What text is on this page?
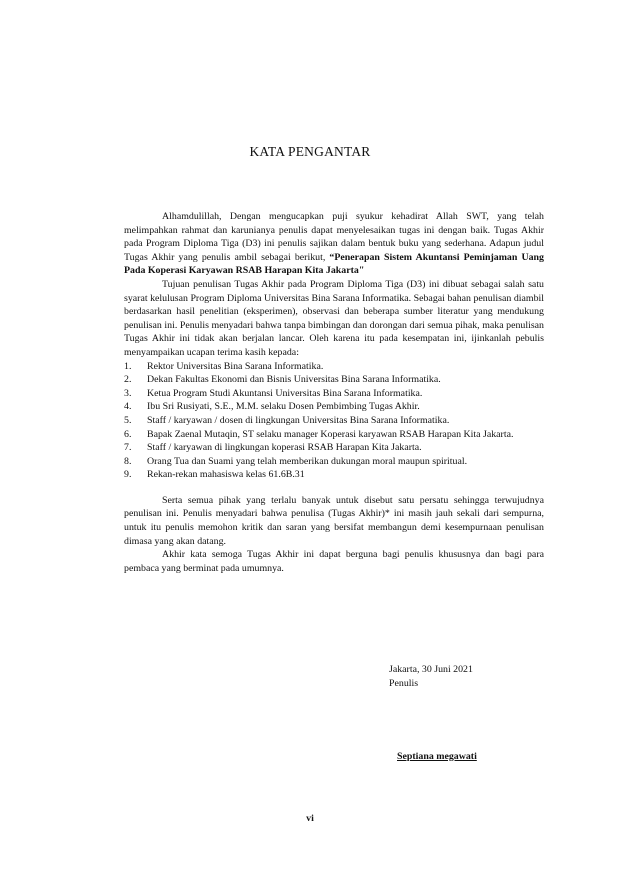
KATA PENGANTAR

Alhamdulillah, Dengan mengucapkan puji syukur kehadirat Allah SWT, yang telah melimpahkan rahmat dan karunianya penulis dapat menyelesaikan tugas ini dengan baik. Tugas Akhir pada Program Diploma Tiga (D3) ini penulis sajikan dalam bentuk buku yang sederhana. Adapun judul Tugas Akhir yang penulis ambil sebagai berikut, “Penerapan Sistem Akuntansi Peminjaman Uang Pada Koperasi Karyawan RSAB Harapan Kita Jakarta"

Tujuan penulisan Tugas Akhir pada Program Diploma Tiga (D3) ini dibuat sebagai salah satu syarat kelulusan Program Diploma Universitas Bina Sarana Informatika. Sebagai bahan penulisan diambil berdasarkan hasil penelitian (eksperimen), observasi dan beberapa sumber literatur yang mendukung penulisan ini. Penulis menyadari bahwa tanpa bimbingan dan dorongan dari semua pihak, maka penulisan Tugas Akhir ini tidak akan berjalan lancar. Oleh karena itu pada kesempatan ini, ijinkanlah pebulis menyampaikan ucapan terima kasih kepada:

1.	Rektor Universitas Bina Sarana Informatika.
2.	Dekan Fakultas Ekonomi dan Bisnis Universitas Bina Sarana Informatika.
3.	Ketua Program Studi Akuntansi Universitas Bina Sarana Informatika.
4.	Ibu Sri Rusiyati, S.E., M.M. selaku Dosen Pembimbing Tugas Akhir.
5.	Staff / karyawan / dosen di lingkungan Universitas Bina Sarana Informatika.
6.	Bapak Zaenal Mutaqin, ST selaku manager Koperasi karyawan RSAB Harapan Kita Jakarta.
7.	Staff / karyawan di lingkungan koperasi RSAB Harapan Kita Jakarta.
8.	Orang Tua dan Suami yang telah memberikan dukungan moral maupun spiritual.
9.	Rekan-rekan mahasiswa kelas 61.6B.31

Serta semua pihak yang terlalu banyak untuk disebut satu persatu sehingga terwujudnya penulisan ini. Penulis menyadari bahwa penulisa (Tugas Akhir)* ini masih jauh sekali dari sempurna, untuk itu penulis memohon kritik dan saran yang bersifat membangun demi kesempurnaan penulisan dimasa yang akan datang.

Akhir kata semoga Tugas Akhir ini dapat berguna bagi penulis khususnya dan bagi para pembaca yang berminat pada umumnya.

Jakarta, 30 Juni 2021
Penulis
Septiana megawati
vi
